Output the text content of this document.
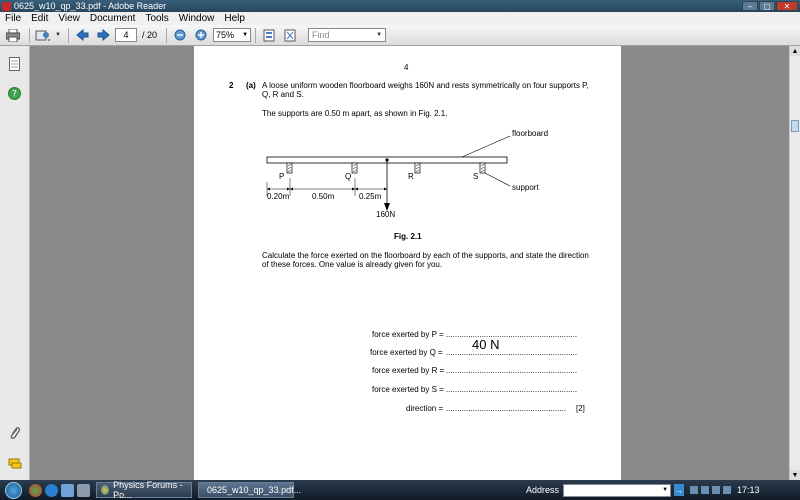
0625_w10_qp_33.pdf - Adobe Reader	–	▢	✕
File	Edit	View	Document	Tools	Window	Help
▼	4	/ 20	75% ▼	Find	▼
?
4
2 (a) A loose uniform wooden floorboard weighs 160N and rests symmetrically on four supports P,
Q, R and S.
The supports are 0.50 m apart, as shown in Fig. 2.1.
floorboard
support
P	Q	R	S
0.20m	0.50m	0.25m
160N
Fig. 2.1
Calculate the force exerted on the floorboard by each of the supports, and state the direction
of these forces. One value is already given for you.
force exerted by P = ...........................................................
force exerted by Q = ...........................................................
40 N
force exerted by R = ...........................................................
force exerted by S = ...........................................................
direction = ...................................................... [2]
▲
▼
Physics Forums - Po...	0625_w10_qp_33.pdf...	Address	▼ →	17:13
